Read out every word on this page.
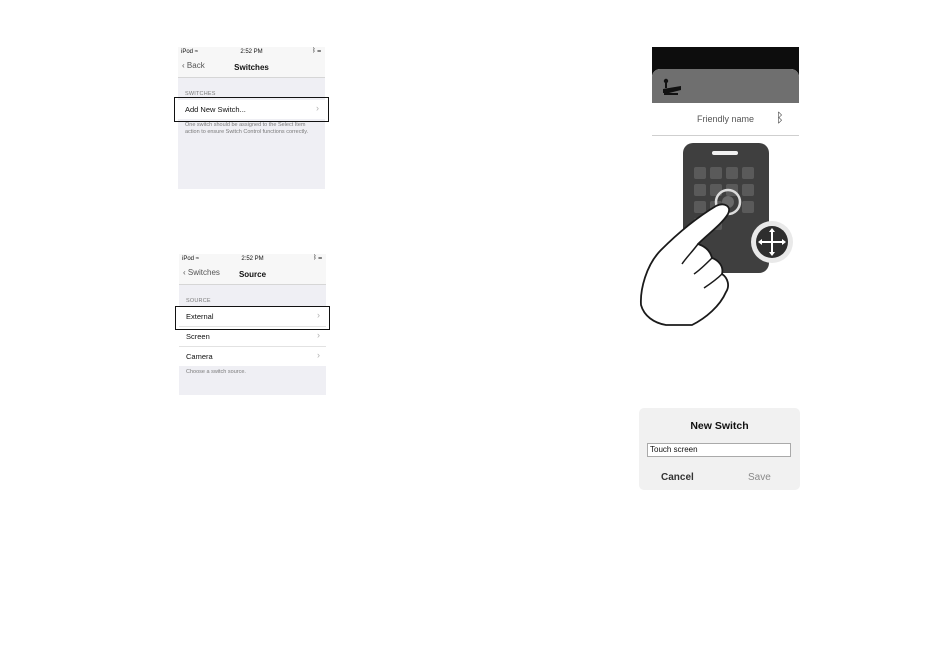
iPod ≈	2:52 PM	ᛒ ▭
‹ Back	Switches
SWITCHES
Add New Switch...	›
One switch should be assigned to the Select Item action to ensure Switch Control functions correctly.
iPod ≈	2:52 PM	ᛒ ▭
‹ Switches	Source
SOURCE
External	›
Screen	›
Camera	›
Choose a switch source.
Friendly name ᛒ
New Switch
Touch screen
Cancel	Save
